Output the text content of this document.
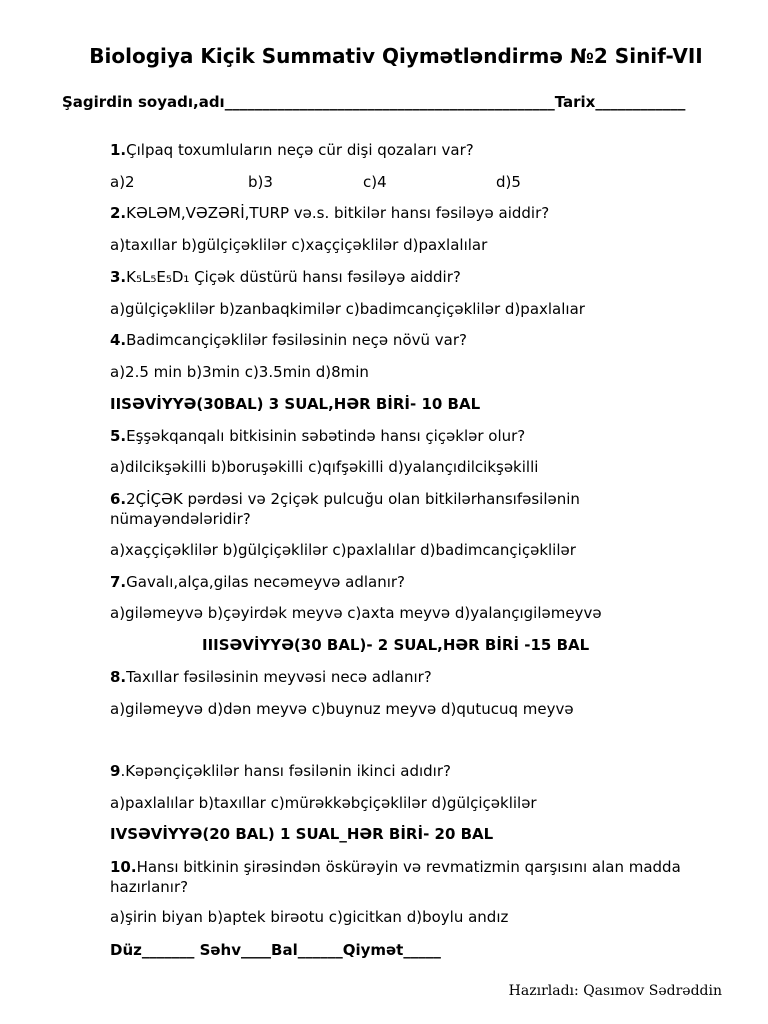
Biologiya Kiçik Summativ Qiymətləndirmə №2 Sinif-VII
Şagirdin soyadı,adı____________________________________________Tarix____________
1.Çılpaq toxumluların neçə cür dişi qozaları var?
a)2	b)3	c)4	d)5
2.KƏLƏM,VƏZƏRİ,TURP və.s. bitkilər hansı fəsiləyə aiddir?
a)taxıllar b)gülçiçəklilər c)xaççiçəklilər d)paxlalılar
3.K₅L₅E₅D₁ Çiçək düstürü hansı fəsiləyə aiddir?
a)gülçiçəklilər b)zanbaqkimilər c)badimcançiçəklilər d)paxlalıar
4.Badimcançiçəklilər fəsiləsinin neçə növü var?
a)2.5 min b)3min c)3.5min d)8min
IISƏVİYYƏ(30BAL) 3 SUAL,HƏR BİRİ- 10 BAL
5.Eşşəkqanqalı bitkisinin səbətində hansı çiçəklər olur?
a)dilcikşəkilli b)boruşəkilli c)qıfşəkilli d)yalançıdilcikşəkilli
6.2ÇİÇƏK pərdəsi və 2çiçək pulcuğu olan bitkilərhansıfəsilənin nümayəndələridir?
a)xaççiçəklilər b)gülçiçəklilər c)paxlalılar d)badimcançiçəklilər
7.Gavalı,alça,gilas necəmeyvə adlanır?
a)giləmeyvə b)çəyirdək meyvə c)axta meyvə d)yalançıgiləmeyvə
IIISƏVİYYƏ(30 BAL)- 2 SUAL,HƏR BİRİ -15 BAL
8.Taxıllar fəsiləsinin meyvəsi necə adlanır?
a)giləmeyvə d)dən meyvə c)buynuz meyvə d)qutucuq meyvə
9.Kəpənçiçəklilər hansı fəsilənin ikinci adıdır?
a)paxlalılar b)taxıllar c)mürəkkəbçiçəklilər d)gülçiçəklilər
IVSƏVİYYƏ(20 BAL) 1 SUAL_HƏR BİRİ- 20 BAL
10.Hansı bitkinin şirəsindən öskürəyin və revmatizmin qarşısını alan madda hazırlanır?
a)şirin biyan b)aptek birəotu c)gicitkan d)boylu andız
Düz_______ Səhv____Bal______Qiymət_____
Hazırladı: Qasımov Sədrəddin
